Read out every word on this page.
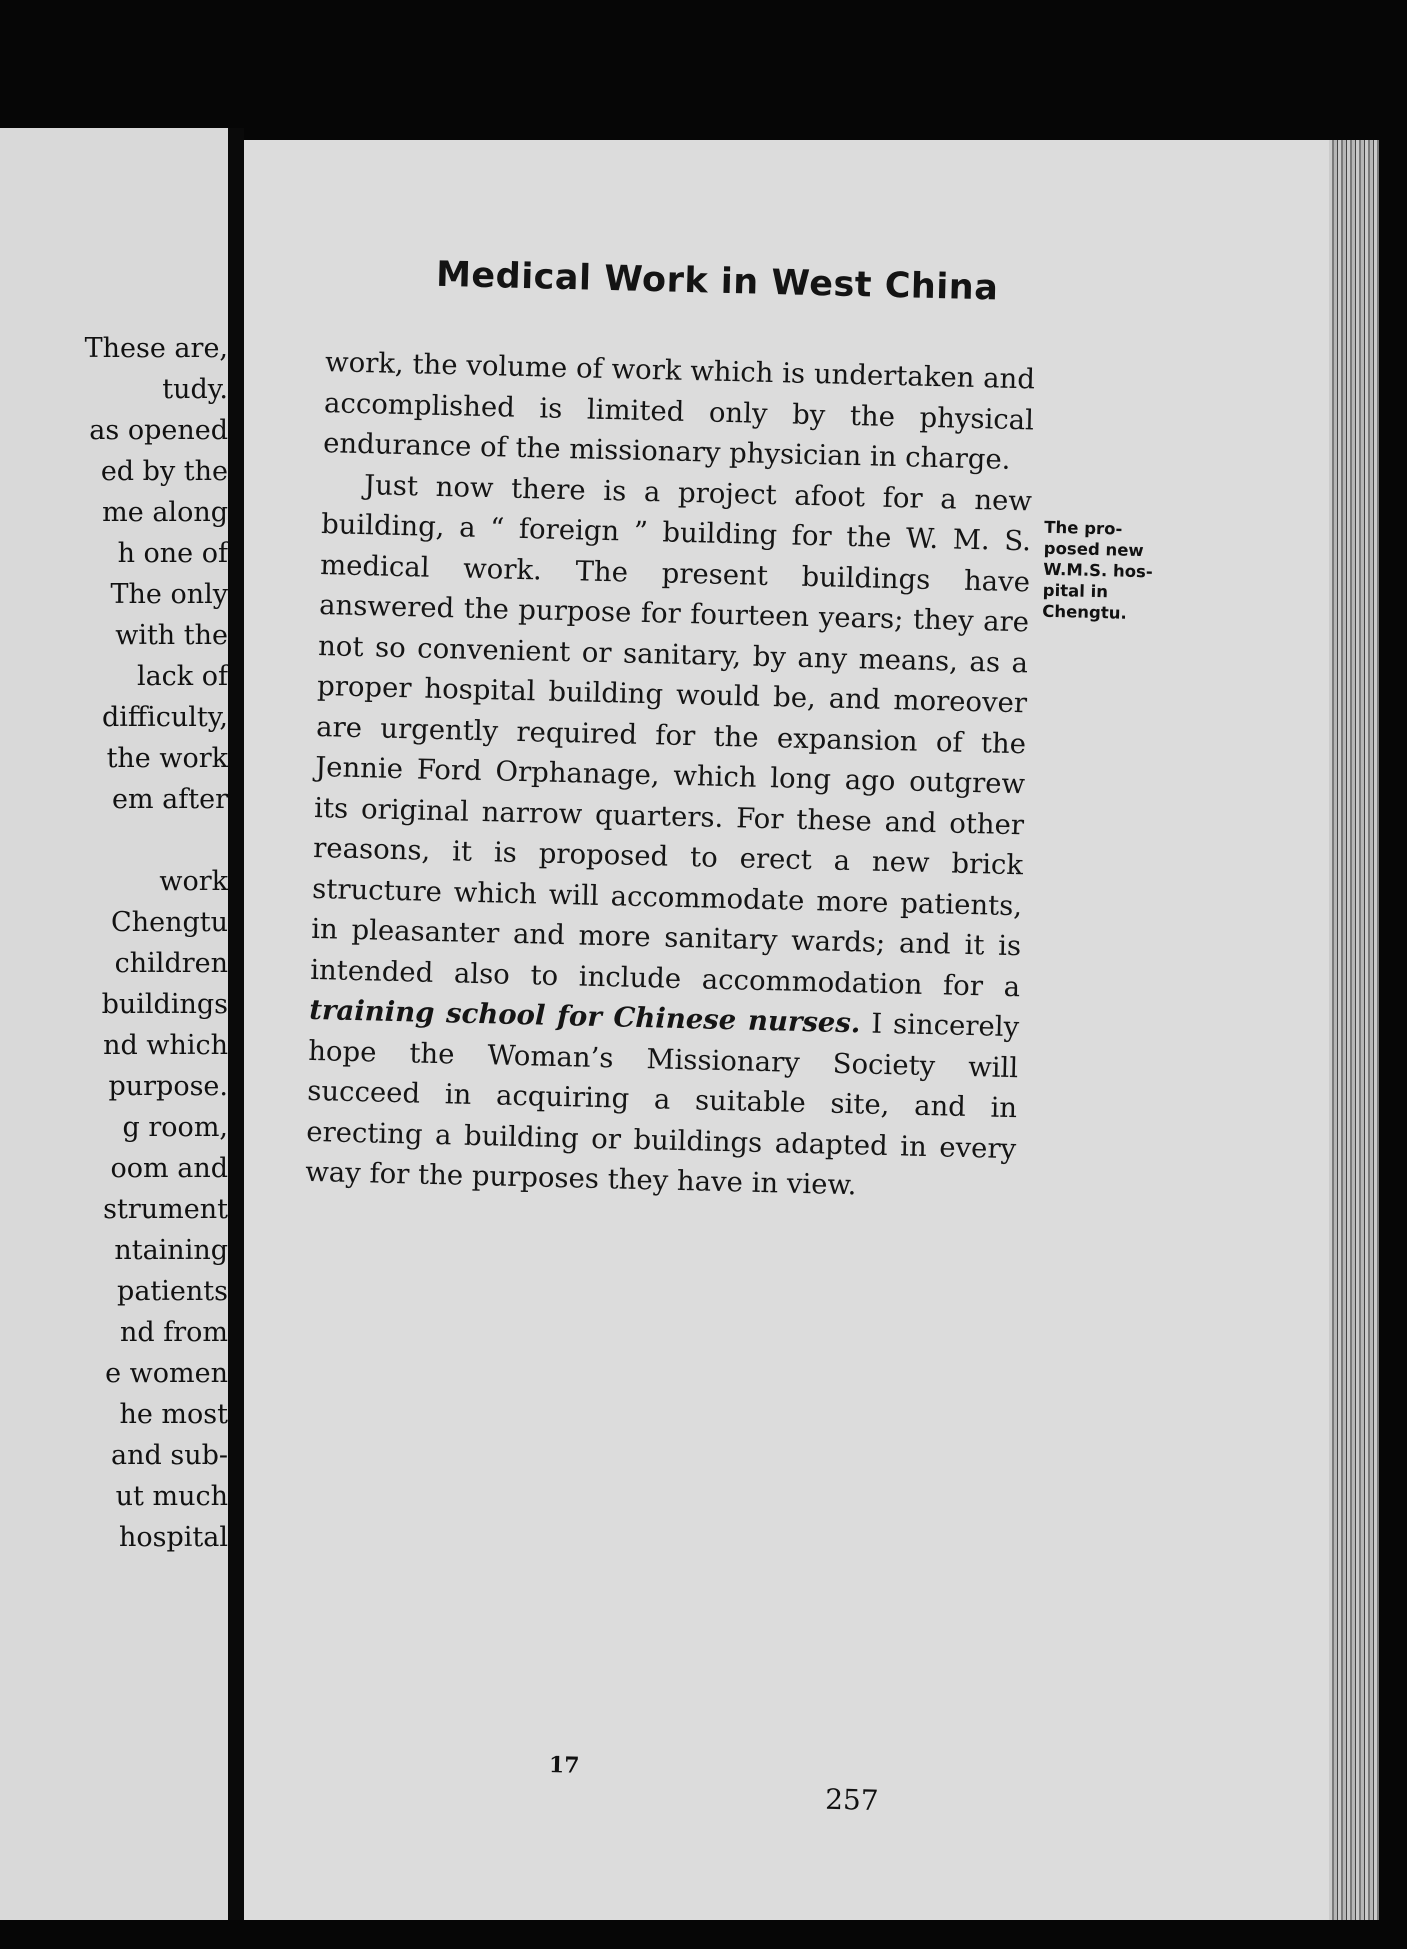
These are,
tudy.
as opened
ed by the
me along
h one of
The only
with the
lack of
difficulty,
the work
em after
work
Chengtu
children
buildings
nd which
purpose.
g room,
oom and
strument
ntaining
patients
nd from
e women
he most
and sub-
ut much
hospital
Medical Work in West China

work, the volume of work which is undertaken and accomplished is limited only by the physical endurance of the missionary physician in charge.

Just now there is a project afoot for a new building, a “ foreign ” building for the W. M. S. medical work. The present buildings have answered the purpose for fourteen years; they are not so convenient or sanitary, by any means, as a proper hospital building would be, and moreover are urgently required for the expansion of the Jennie Ford Orphanage, which long ago outgrew its original narrow quarters. For these and other reasons, it is proposed to erect a new brick structure which will accommodate more patients, in pleasanter and more sanitary wards; and it is intended also to include accommodation for a training school for Chinese nurses. I sincerely hope the Woman’s Missionary Society will succeed in acquiring a suitable site, and in erecting a building or buildings adapted in every way for the purposes they have in view.

The pro-
posed new
W.M.S. hos-
pital in
Chengtu.
17
257
